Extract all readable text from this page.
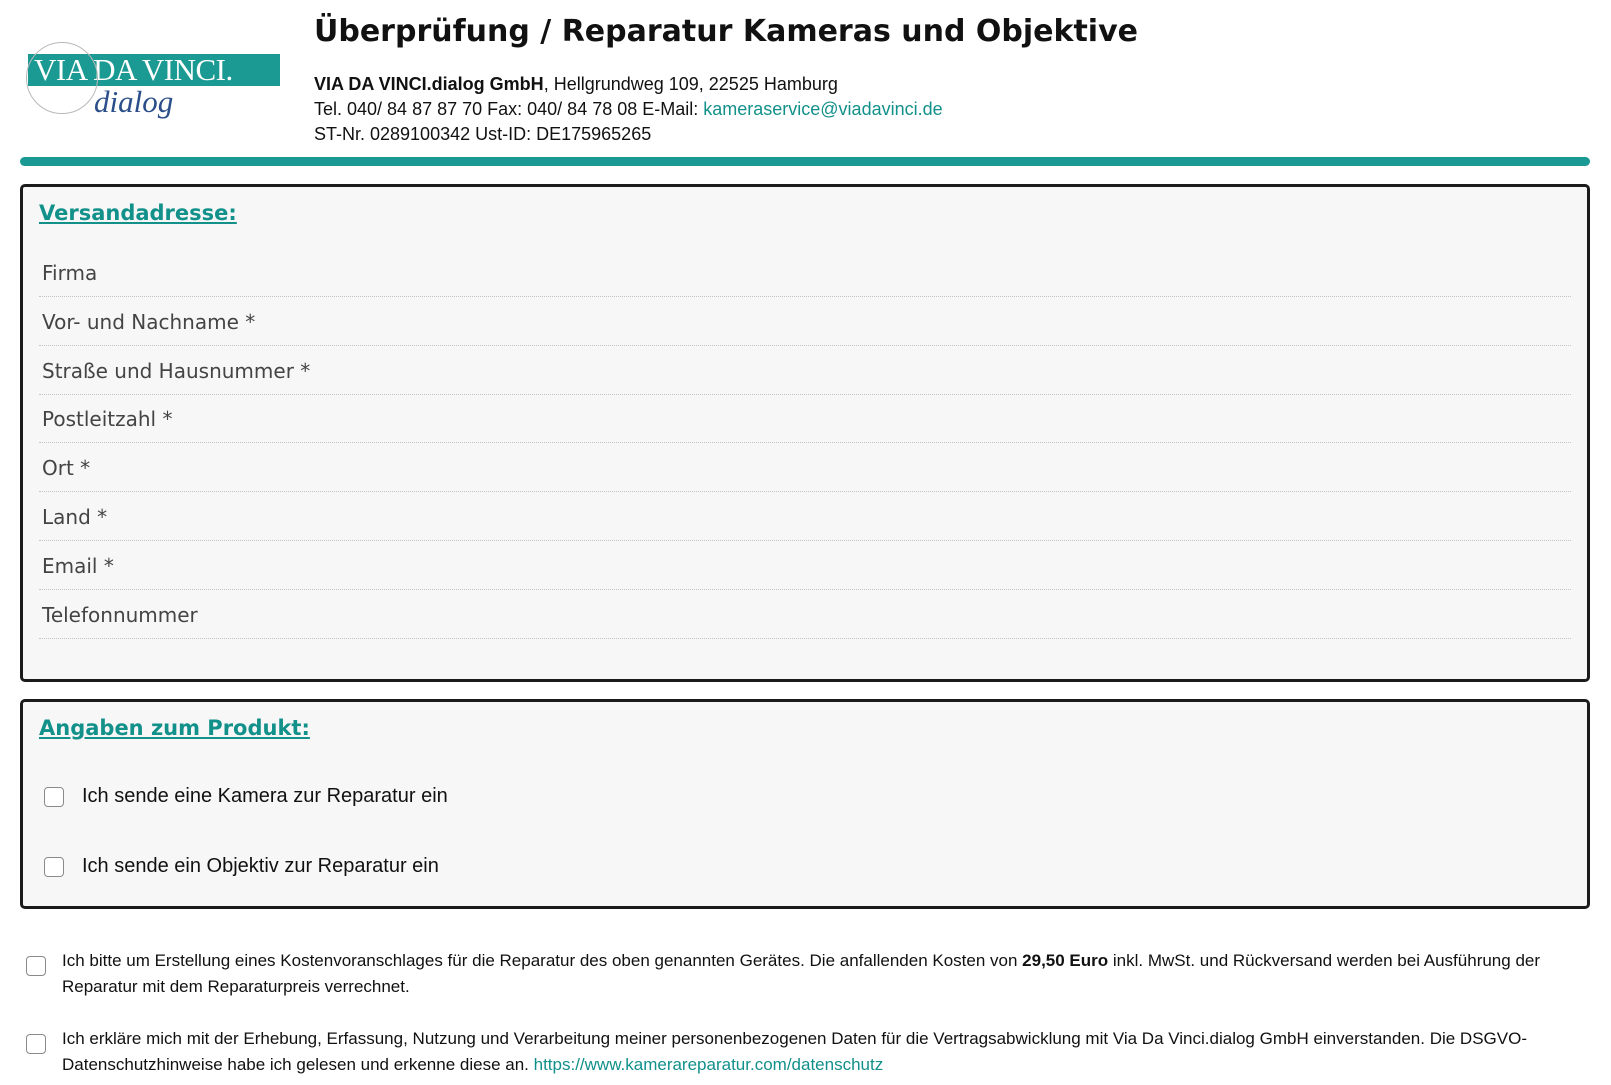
VIA DA VINCI.
dialog
Überprüfung / Reparatur Kameras und Objektive
VIA DA VINCI.dialog GmbH, Hellgrundweg 109, 22525 Hamburg
Tel. 040/ 84 87 87 70 Fax: 040/ 84 78 08 E-Mail: kameraservice@viadavinci.de
ST-Nr. 0289100342 Ust-ID: DE175965265
Versandadresse:
Firma
Vor- und Nachname *
Straße und Hausnummer *
Postleitzahl *
Ort *
Land *
Email *
Telefonnummer
Angaben zum Produkt:
Ich sende eine Kamera zur Reparatur ein
Ich sende ein Objektiv zur Reparatur ein
Ich bitte um Erstellung eines Kostenvoranschlages für die Reparatur des oben genannten Gerätes. Die anfallenden Kosten von 29,50 Euro inkl. MwSt. und Rückversand werden bei Ausführung der Reparatur mit dem Reparaturpreis verrechnet.
Ich erkläre mich mit der Erhebung, Erfassung, Nutzung und Verarbeitung meiner personenbezogenen Daten für die Vertragsabwicklung mit Via Da Vinci.dialog GmbH einverstanden. Die DSGVO-Datenschutzhinweise habe ich gelesen und erkenne diese an. https://www.kamerareparatur.com/datenschutz
